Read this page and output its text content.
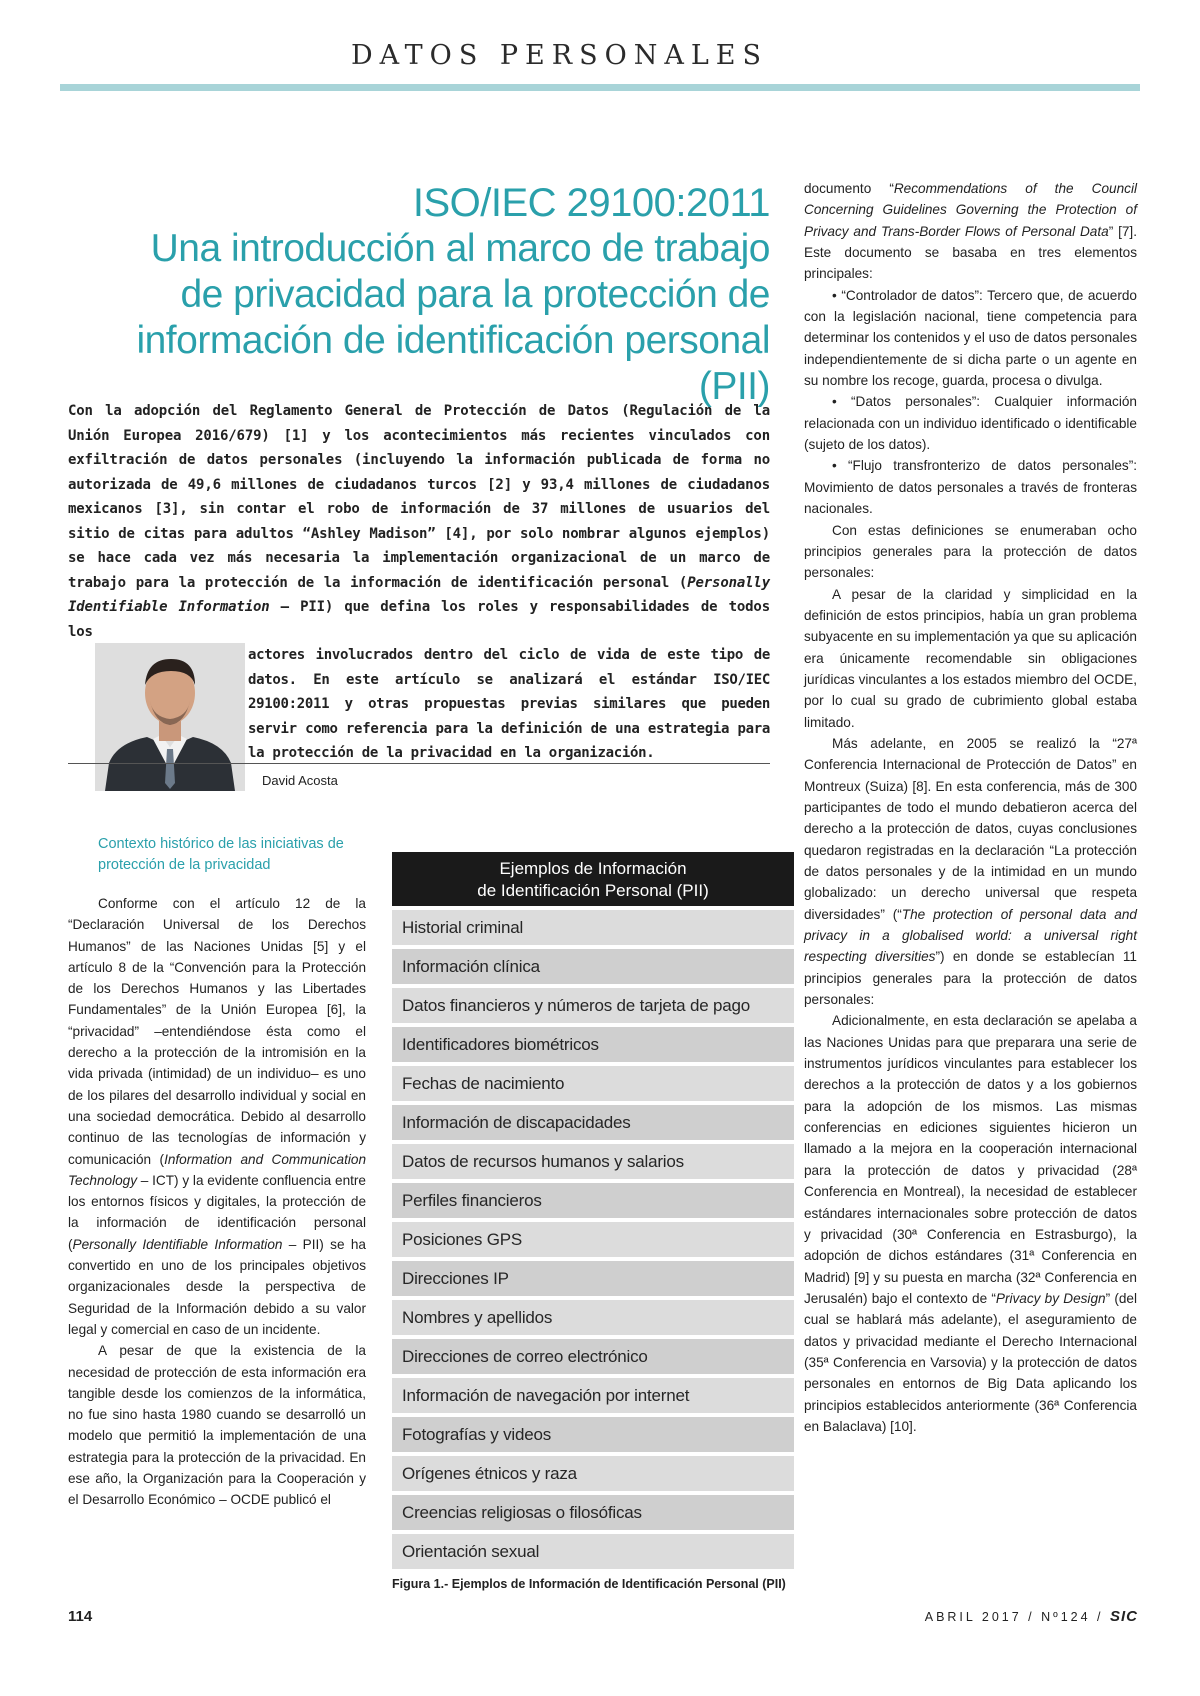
DATOS PERSONALES
ISO/IEC 29100:2011
Una introducción al marco de trabajo
de privacidad para la protección de
información de identificación personal (PII)
Con la adopción del Reglamento General de Protección de Datos (Regulación de la Unión Europea 2016/679) [1] y los acontecimientos más recientes vinculados con exfiltración de datos personales (incluyendo la información publicada de forma no autorizada de 49,6 millones de ciudadanos turcos [2] y 93,4 millones de ciudadanos mexicanos [3], sin contar el robo de información de 37 millones de usuarios del sitio de citas para adultos “Ashley Madison” [4], por solo nombrar algunos ejemplos) se hace cada vez más necesaria la implementación organizacional de un marco de trabajo para la protección de la información de identificación personal (Personally Identifiable Information – PII) que defina los roles y responsabilidades de todos los
actores involucrados dentro del ciclo de vida de este tipo de datos. En este artículo se analizará el estándar ISO/IEC 29100:2011 y otras propuestas previas similares que pueden servir como referencia para la definición de una estrategia para la protección de la privacidad en la organización.
David Acosta
Contexto histórico de las iniciativas de protección de la privacidad

Conforme con el artículo 12 de la “Declaración Universal de los Derechos Humanos” de las Naciones Unidas [5] y el artículo 8 de la “Convención para la Protección de los Derechos Humanos y las Libertades Fundamentales” de la Unión Europea [6], la “privacidad” –entendiéndose ésta como el derecho a la protección de la intromisión en la vida privada (intimidad) de un individuo– es uno de los pilares del desarrollo individual y social en una sociedad democrática. Debido al desarrollo continuo de las tecnologías de información y comunicación (Information and Communication Technology – ICT) y la evidente confluencia entre los entornos físicos y digitales, la protección de la información de identificación personal (Personally Identifiable Information – PII) se ha convertido en uno de los principales objetivos organizacionales desde la perspectiva de Seguridad de la Información debido a su valor legal y comercial en caso de un incidente.

A pesar de que la existencia de la necesidad de protección de esta información era tangible desde los comienzos de la informática, no fue sino hasta 1980 cuando se desarrolló un modelo que permitió la implementación de una estrategia para la protección de la privacidad. En ese año, la Organización para la Cooperación y el Desarrollo Económico – OCDE publicó el

Ejemplos de Información
de Identificación Personal (PII)
Historial criminal
Información clínica
Datos financieros y números de tarjeta de pago
Identificadores biométricos
Fechas de nacimiento
Información de discapacidades
Datos de recursos humanos y salarios
Perfiles financieros
Posiciones GPS
Direcciones IP
Nombres y apellidos
Direcciones de correo electrónico
Información de navegación por internet
Fotografías y videos
Orígenes étnicos y raza
Creencias religiosas o filosóficas
Orientación sexual
Figura 1.- Ejemplos de Información de Identificación Personal (PII)

documento “Recommendations of the Council Concerning Guidelines Governing the Protection of Privacy and Trans-Border Flows of Personal Data” [7]. Este documento se basaba en tres elementos principales:

• “Controlador de datos”: Tercero que, de acuerdo con la legislación nacional, tiene competencia para determinar los contenidos y el uso de datos personales independientemente de si dicha parte o un agente en su nombre los recoge, guarda, procesa o divulga.

• “Datos personales”: Cualquier información relacionada con un individuo identificado o identificable (sujeto de los datos).

• “Flujo transfronterizo de datos personales”: Movimiento de datos personales a través de fronteras nacionales.

Con estas definiciones se enumeraban ocho principios generales para la protección de datos personales:

A pesar de la claridad y simplicidad en la definición de estos principios, había un gran problema subyacente en su implementación ya que su aplicación era únicamente recomendable sin obligaciones jurídicas vinculantes a los estados miembro del OCDE, por lo cual su grado de cubrimiento global estaba limitado.

Más adelante, en 2005 se realizó la “27ª Conferencia Internacional de Protección de Datos” en Montreux (Suiza) [8]. En esta conferencia, más de 300 participantes de todo el mundo debatieron acerca del derecho a la protección de datos, cuyas conclusiones quedaron registradas en la declaración “La protección de datos personales y de la intimidad en un mundo globalizado: un derecho universal que respeta diversidades” (“The protection of personal data and privacy in a globalised world: a universal right respecting diversities”) en donde se establecían 11 principios generales para la protección de datos personales:

Adicionalmente, en esta declaración se apelaba a las Naciones Unidas para que preparara una serie de instrumentos jurídicos vinculantes para establecer los derechos a la protección de datos y a los gobiernos para la adopción de los mismos. Las mismas conferencias en ediciones siguientes hicieron un llamado a la mejora en la cooperación internacional para la protección de datos y privacidad (28ª Conferencia en Montreal), la necesidad de establecer estándares internacionales sobre protección de datos y privacidad (30ª Conferencia en Estrasburgo), la adopción de dichos estándares (31ª Conferencia en Madrid) [9] y su puesta en marcha (32ª Conferencia en Jerusalén) bajo el contexto de “Privacy by Design” (del cual se hablará más adelante), el aseguramiento de datos y privacidad mediante el Derecho Internacional (35ª Conferencia en Varsovia) y la protección de datos personales en entornos de Big Data aplicando los principios establecidos anteriormente (36ª Conferencia en Balaclava) [10].

114	ABRIL 2017 / Nº124 / SIC
